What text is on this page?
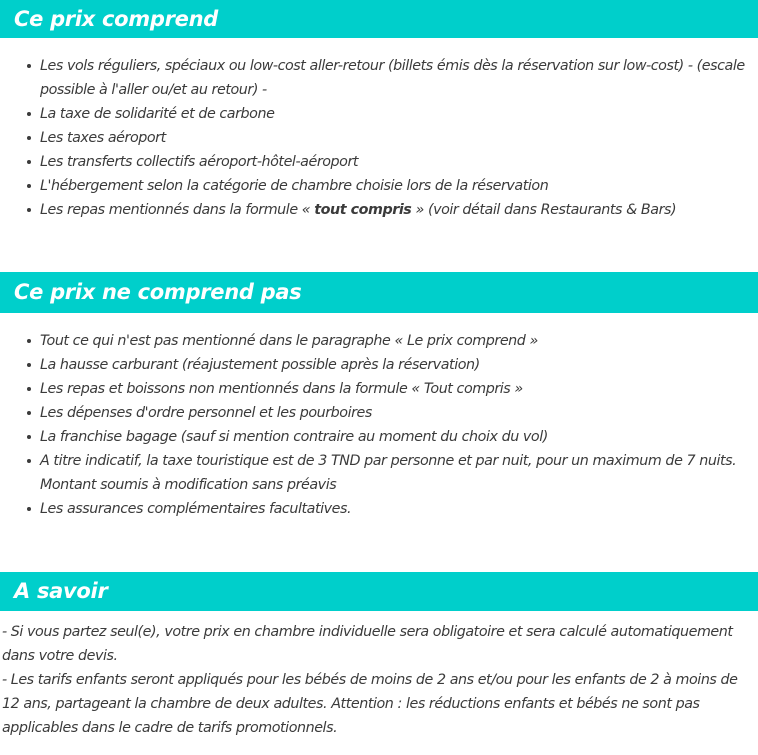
Ce prix comprend
Les vols réguliers, spéciaux ou low-cost aller-retour (billets émis dès la réservation sur low-cost) - (escale possible à l'aller ou/et au retour) -
La taxe de solidarité et de carbone
Les taxes aéroport
Les transferts collectifs aéroport-hôtel-aéroport
L'hébergement selon la catégorie de chambre choisie lors de la réservation
Les repas mentionnés dans la formule « tout compris » (voir détail dans Restaurants & Bars)
Ce prix ne comprend pas
Tout ce qui n'est pas mentionné dans le paragraphe « Le prix comprend »
La hausse carburant (réajustement possible après la réservation)
Les repas et boissons non mentionnés dans la formule « Tout compris »
Les dépenses d'ordre personnel et les pourboires
La franchise bagage (sauf si mention contraire au moment du choix du vol)
A titre indicatif, la taxe touristique est de 3 TND par personne et par nuit, pour un maximum de 7 nuits. Montant soumis à modification sans préavis
Les assurances complémentaires facultatives.
A savoir

- Si vous partez seul(e), votre prix en chambre individuelle sera obligatoire et sera calculé automatiquement dans votre devis.

- Les tarifs enfants seront appliqués pour les bébés de moins de 2 ans et/ou pour les enfants de 2 à moins de 12 ans, partageant la chambre de deux adultes. Attention : les réductions enfants et bébés ne sont pas applicables dans le cadre de tarifs promotionnels.
